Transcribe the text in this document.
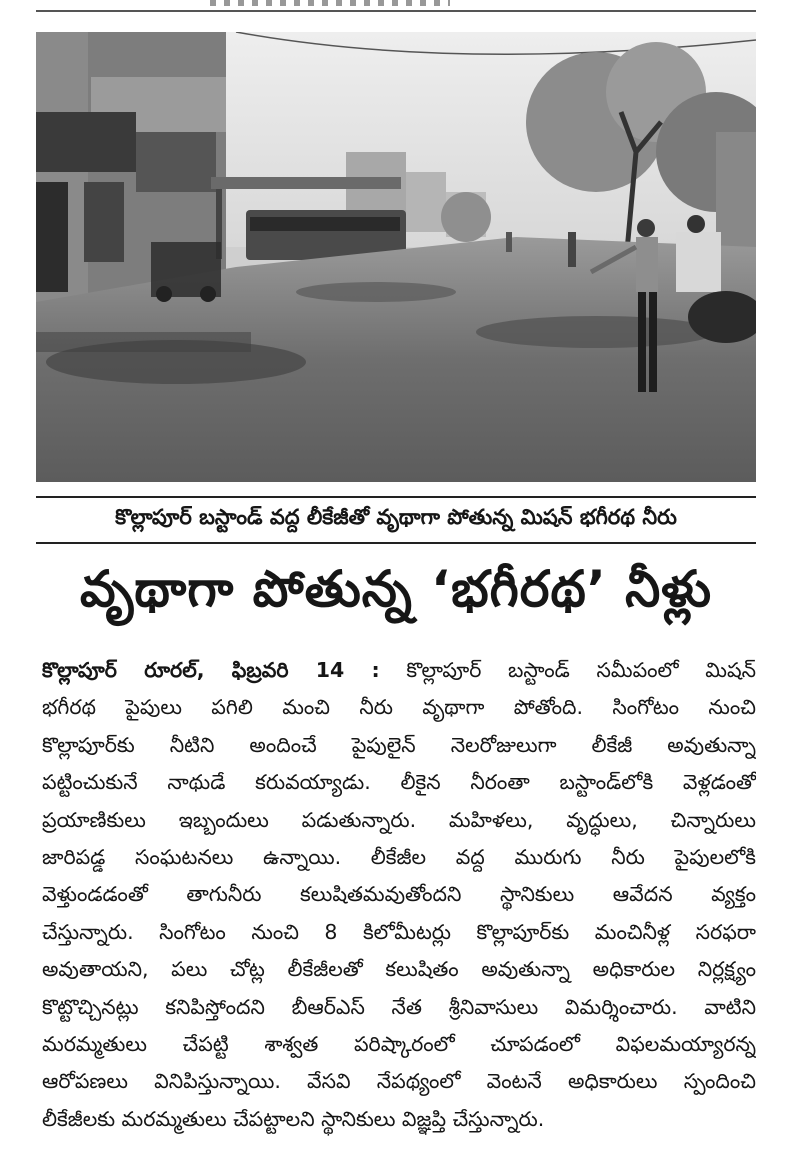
కొల్లాపూర్ బస్టాండ్ వద్ద లీకేజీతో వృథాగా పోతున్న మిషన్ భగీరథ నీరు
వృథాగా పోతున్న ‘భగీరథ’ నీళ్లు
కొల్లాపూర్ రూరల్, ఫిబ్రవరి 14 : కొల్లాపూర్ బస్టాండ్ సమీపంలో మిషన్
భగీరథ పైపులు పగిలి మంచి నీరు వృథాగా పోతోంది. సింగోటం నుంచి
కొల్లాపూర్‌కు నీటిని అందించే పైపులైన్ నెలరోజులుగా లీకేజీ అవుతున్నా
పట్టించుకునే నాథుడే కరువయ్యాడు. లీకైన నీరంతా బస్టాండ్‌లోకి వెళ్లడంతో
ప్రయాణికులు ఇబ్బందులు పడుతున్నారు. మహిళలు, వృద్ధులు, చిన్నారులు
జారిపడ్డ సంఘటనలు ఉన్నాయి. లీకేజీల వద్ద మురుగు నీరు పైపులలోకి
వెళ్తుండడంతో తాగునీరు కలుషితమవుతోందని స్థానికులు ఆవేదన వ్యక్తం
చేస్తున్నారు. సింగోటం నుంచి 8 కిలోమీటర్లు కొల్లాపూర్‌కు మంచినీళ్ల సరఫరా
అవుతాయని, పలు చోట్ల లీకేజీలతో కలుషితం అవుతున్నా అధికారుల నిర్లక్ష్యం
కొట్టొచ్చినట్లు కనిపిస్తోందని బీఆర్ఎస్ నేత శ్రీనివాసులు విమర్శించారు. వాటిని
మరమ్మతులు చేపట్టి శాశ్వత పరిష్కారంలో చూపడంలో విఫలమయ్యారన్న
ఆరోపణలు వినిపిస్తున్నాయి. వేసవి నేపథ్యంలో వెంటనే అధికారులు స్పందించి
లీకేజీలకు మరమ్మతులు చేపట్టాలని స్థానికులు విజ్ఞప్తి చేస్తున్నారు.
